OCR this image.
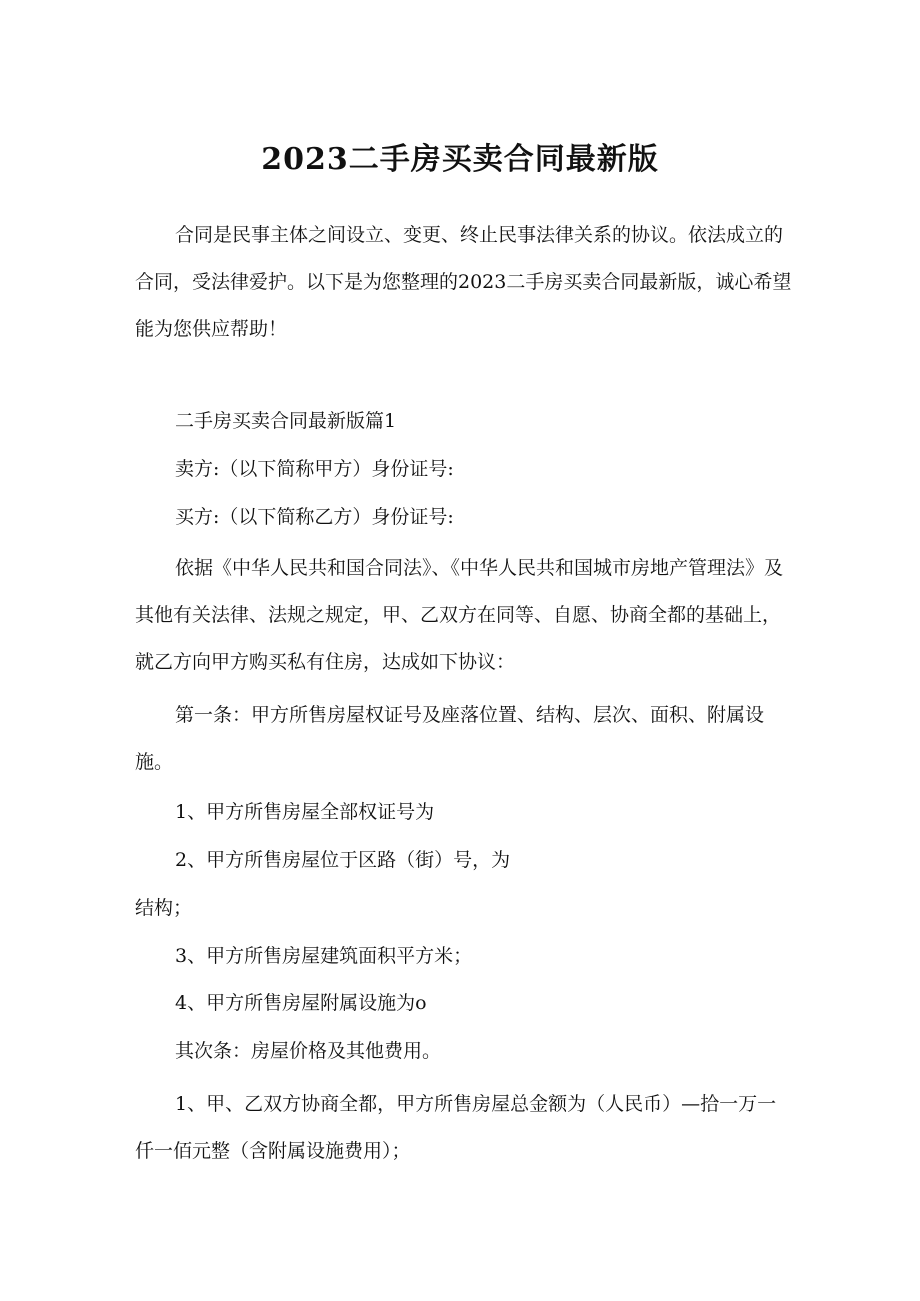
2023二手房买卖合同最新版

合同是民事主体之间设立、变更、终止民事法律关系的协议。依法成立的合同，受法律爱护。以下是为您整理的2023二手房买卖合同最新版，诚心希望能为您供应帮助！

二手房买卖合同最新版篇1

卖方:（以下简称甲方）身份证号:

买方:（以下简称乙方）身份证号:

依据《中华人民共和国合同法》、《中华人民共和国城市房地产管理法》及其他有关法律、法规之规定，甲、乙双方在同等、自愿、协商全都的基础上，就乙方向甲方购买私有住房，达成如下协议：

第一条：甲方所售房屋权证号及座落位置、结构、层次、面积、附属设施。

1、甲方所售房屋全部权证号为

2、甲方所售房屋位于区路（街）号，为

结构；

3、甲方所售房屋建筑面积平方米；

4、甲方所售房屋附属设施为o

其次条：房屋价格及其他费用。

1、甲、乙双方协商全都，甲方所售房屋总金额为（人民币）—拾一万一仟一佰元整（含附属设施费用）；
